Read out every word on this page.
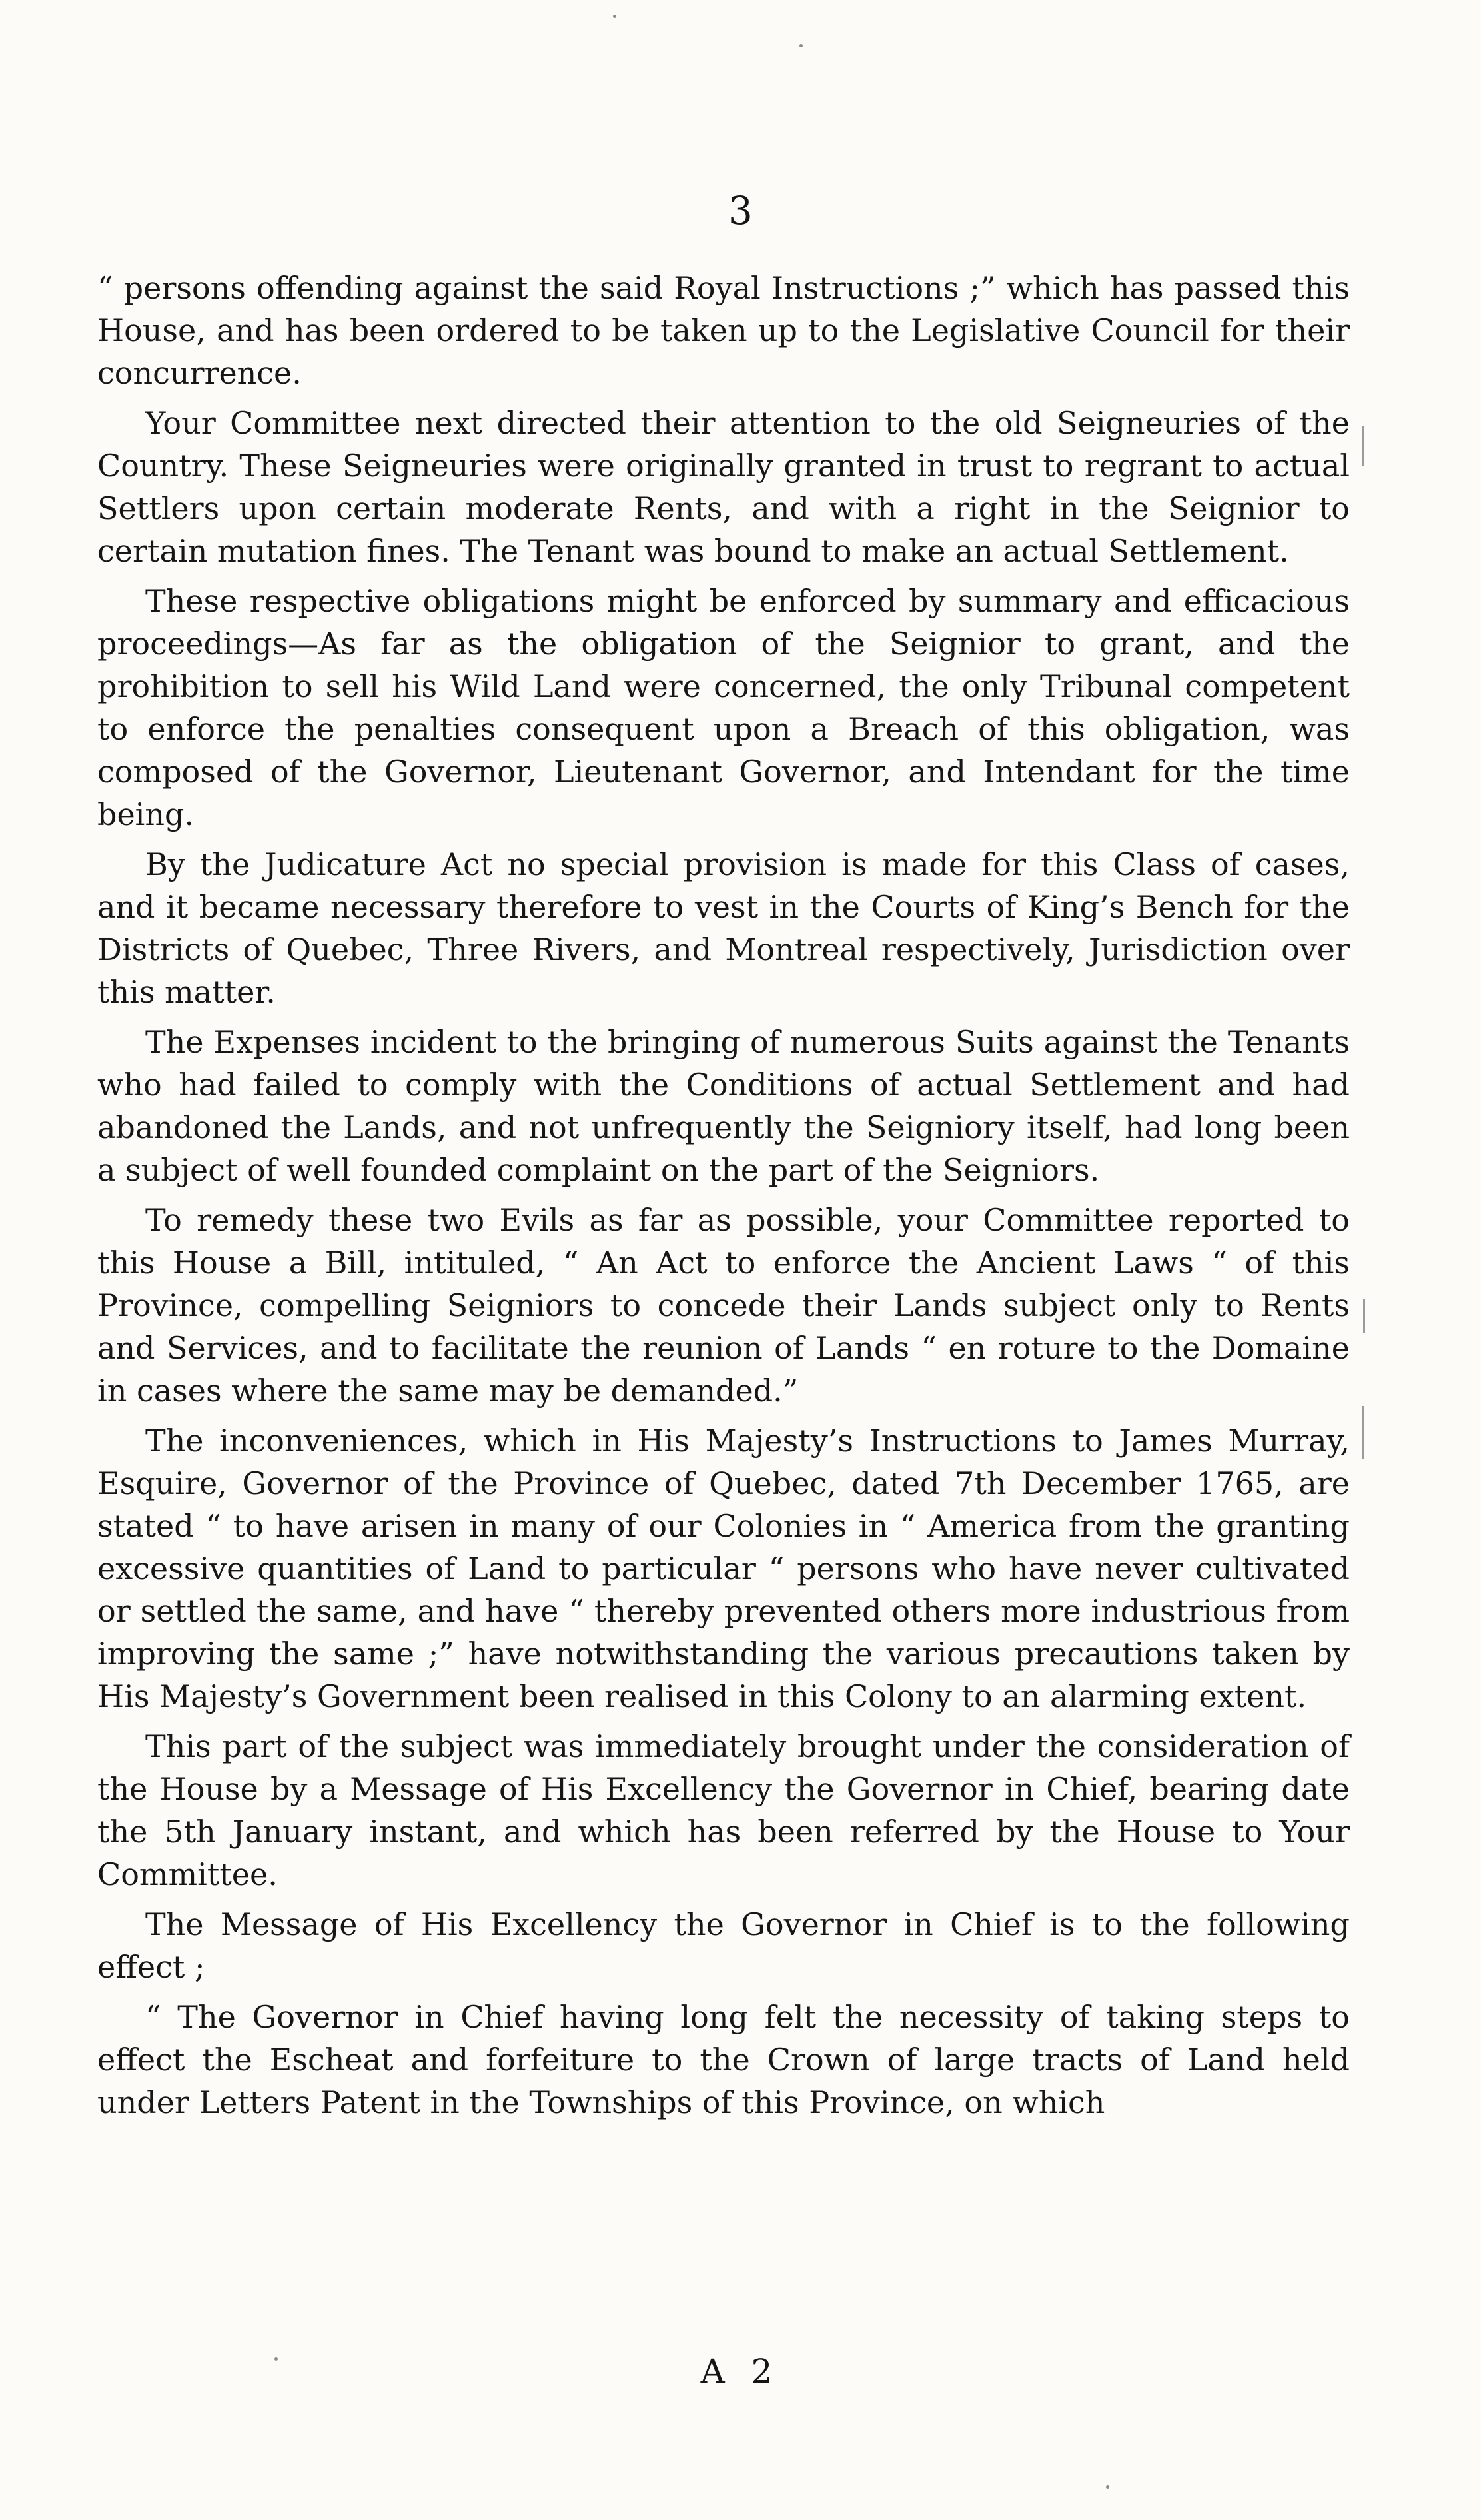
3

“ persons offending against the said Royal Instructions ;” which has passed this House, and has been ordered to be taken up to the Legislative Council for their concurrence.

Your Committee next directed their attention to the old Seigneuries of the Country. These Seigneuries were originally granted in trust to regrant to actual Settlers upon certain moderate Rents, and with a right in the Seignior to certain mutation fines. The Tenant was bound to make an actual Settlement.

These respective obligations might be enforced by summary and efficacious proceedings—As far as the obligation of the Seignior to grant, and the prohibition to sell his Wild Land were concerned, the only Tribunal competent to enforce the penalties consequent upon a Breach of this obligation, was composed of the Governor, Lieutenant Governor, and Intendant for the time being.

By the Judicature Act no special provision is made for this Class of cases, and it became necessary therefore to vest in the Courts of King’s Bench for the Districts of Quebec, Three Rivers, and Montreal respectively, Jurisdiction over this matter.

The Expenses incident to the bringing of numerous Suits against the Tenants who had failed to comply with the Conditions of actual Settlement and had abandoned the Lands, and not unfrequently the Seigniory itself, had long been a subject of well founded complaint on the part of the Seigniors.

To remedy these two Evils as far as possible, your Committee reported to this House a Bill, intituled, “ An Act to enforce the Ancient Laws “ of this Province, compelling Seigniors to concede their Lands subject only to Rents and Services, and to facilitate the reunion of Lands “ en roture to the Domaine in cases where the same may be demanded.”

The inconveniences, which in His Majesty’s Instructions to James Murray, Esquire, Governor of the Province of Quebec, dated 7th December 1765, are stated “ to have arisen in many of our Colonies in “ America from the granting excessive quantities of Land to particular “ persons who have never cultivated or settled the same, and have “ thereby prevented others more industrious from improving the same ;” have notwithstanding the various precautions taken by His Majesty’s Government been realised in this Colony to an alarming extent.

This part of the subject was immediately brought under the consideration of the House by a Message of His Excellency the Governor in Chief, bearing date the 5th January instant, and which has been referred by the House to Your Committee.

The Message of His Excellency the Governor in Chief is to the following effect ;

“ The Governor in Chief having long felt the necessity of taking steps to effect the Escheat and forfeiture to the Crown of large tracts of Land held under Letters Patent in the Townships of this Province, on which

A 2
